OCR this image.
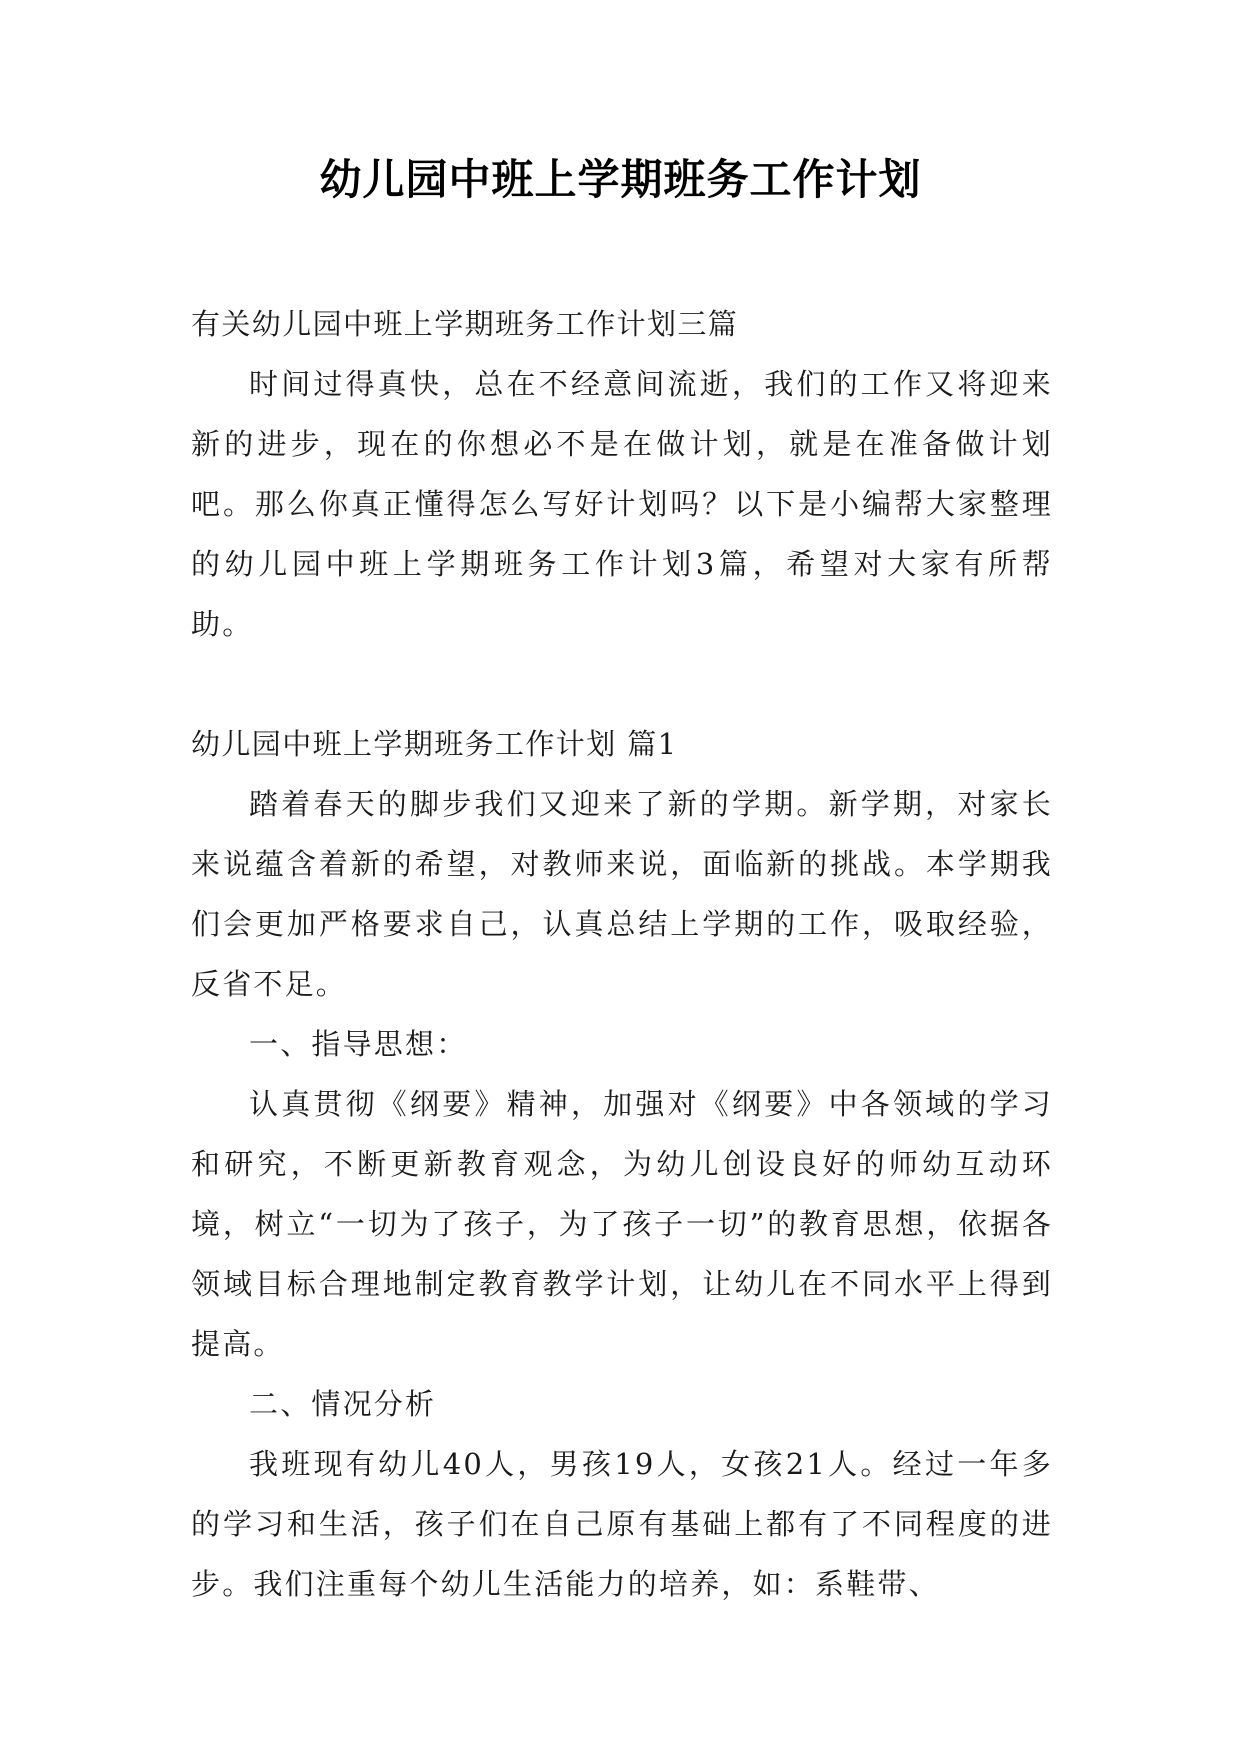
幼儿园中班上学期班务工作计划

有关幼儿园中班上学期班务工作计划三篇

时间过得真快，总在不经意间流逝，我们的工作又将迎来新的进步，现在的你想必不是在做计划，就是在准备做计划吧。那么你真正懂得怎么写好计划吗？以下是小编帮大家整理的幼儿园中班上学期班务工作计划3篇，希望对大家有所帮助。

幼儿园中班上学期班务工作计划 篇1

踏着春天的脚步我们又迎来了新的学期。新学期，对家长来说蕴含着新的希望，对教师来说，面临新的挑战。本学期我们会更加严格要求自己，认真总结上学期的工作，吸取经验，反省不足。

一、指导思想：

认真贯彻《纲要》精神，加强对《纲要》中各领域的学习和研究，不断更新教育观念，为幼儿创设良好的师幼互动环境，树立“一切为了孩子，为了孩子一切”的教育思想，依据各领域目标合理地制定教育教学计划，让幼儿在不同水平上得到提高。

二、情况分析

我班现有幼儿40人，男孩19人，女孩21人。经过一年多的学习和生活，孩子们在自己原有基础上都有了不同程度的进步。我们注重每个幼儿生活能力的培养，如：系鞋带、
